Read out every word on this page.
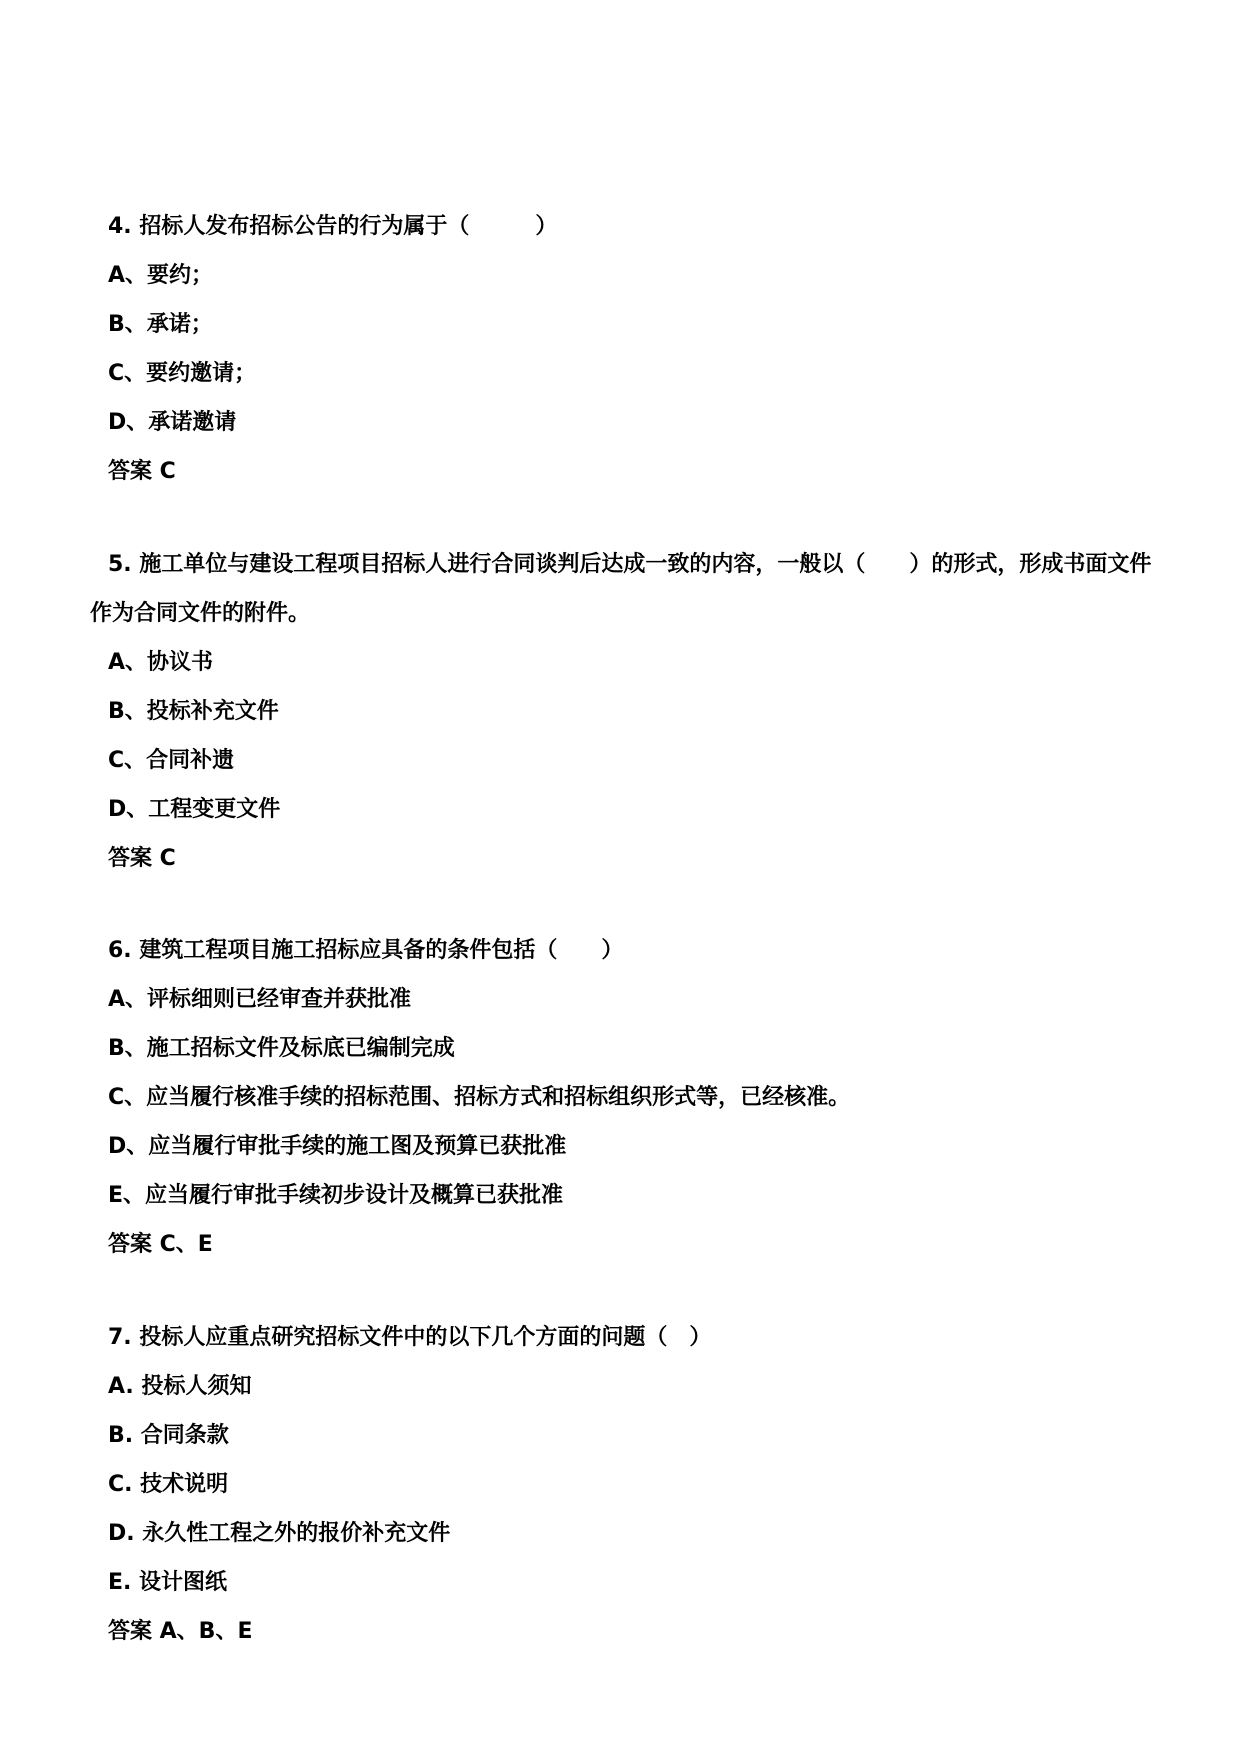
4. 招标人发布招标公告的行为属于（　　　）
A、要约；
B、承诺；
C、要约邀请；
D、承诺邀请
答案 C
5. 施工单位与建设工程项目招标人进行合同谈判后达成一致的内容，一般以（　　）的形式，形成书面文件作为合同文件的附件。
A、协议书
B、投标补充文件
C、合同补遗
D、工程变更文件
答案 C
6. 建筑工程项目施工招标应具备的条件包括（　　）
A、评标细则已经审查并获批准
B、施工招标文件及标底已编制完成
C、应当履行核准手续的招标范围、招标方式和招标组织形式等，已经核准。
D、应当履行审批手续的施工图及预算已获批准
E、应当履行审批手续初步设计及概算已获批准
答案 C、E
7. 投标人应重点研究招标文件中的以下几个方面的问题（　）
A. 投标人须知
B. 合同条款
C. 技术说明
D. 永久性工程之外的报价补充文件
E. 设计图纸
答案 A、B、E
